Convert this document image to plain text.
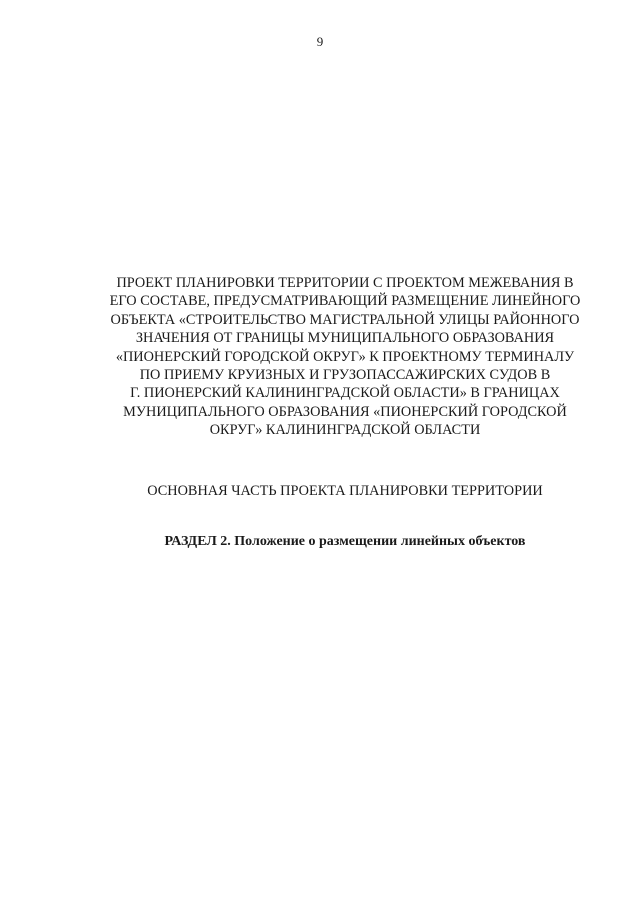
9
ПРОЕКТ ПЛАНИРОВКИ ТЕРРИТОРИИ С ПРОЕКТОМ МЕЖЕВАНИЯ В
ЕГО СОСТАВЕ, ПРЕДУСМАТРИВАЮЩИЙ РАЗМЕЩЕНИЕ ЛИНЕЙНОГО
ОБЪЕКТА «СТРОИТЕЛЬСТВО МАГИСТРАЛЬНОЙ УЛИЦЫ РАЙОННОГО
ЗНАЧЕНИЯ ОТ ГРАНИЦЫ МУНИЦИПАЛЬНОГО ОБРАЗОВАНИЯ
«ПИОНЕРСКИЙ ГОРОДСКОЙ ОКРУГ» К ПРОЕКТНОМУ ТЕРМИНАЛУ
ПО ПРИЕМУ КРУИЗНЫХ И ГРУЗОПАССАЖИРСКИХ СУДОВ В
Г. ПИОНЕРСКИЙ КАЛИНИНГРАДСКОЙ ОБЛАСТИ» В ГРАНИЦАХ
МУНИЦИПАЛЬНОГО ОБРАЗОВАНИЯ «ПИОНЕРСКИЙ ГОРОДСКОЙ
ОКРУГ» КАЛИНИНГРАДСКОЙ ОБЛАСТИ
ОСНОВНАЯ ЧАСТЬ ПРОЕКТА ПЛАНИРОВКИ ТЕРРИТОРИИ
РАЗДЕЛ 2. Положение о размещении линейных объектов
